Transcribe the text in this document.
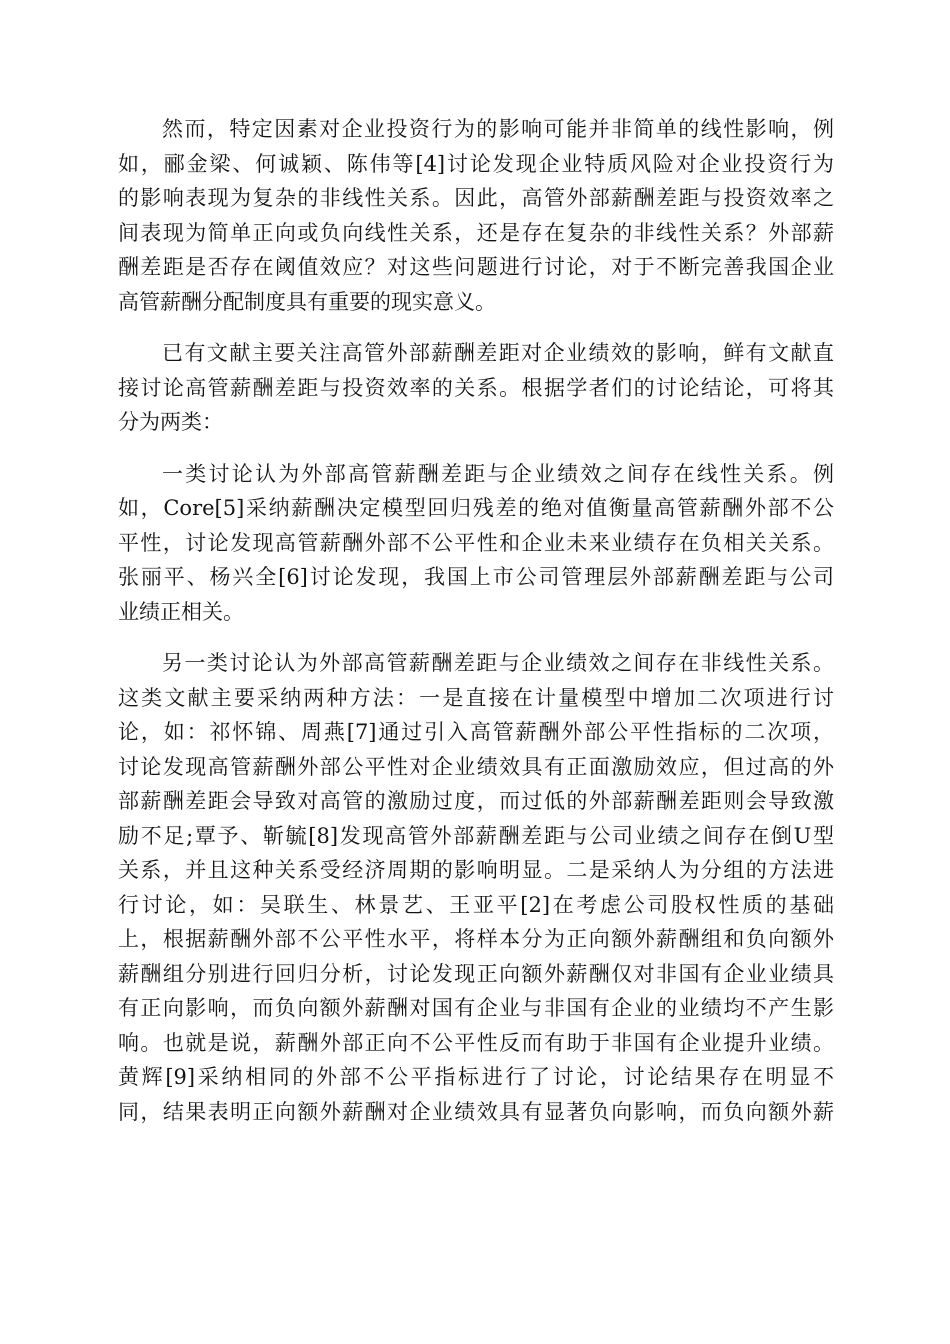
然而，特定因素对企业投资行为的影响可能并非简单的线性影响，例
如，郦金梁、何诚颖、陈伟等[4]讨论发现企业特质风险对企业投资行为
的影响表现为复杂的非线性关系。因此，高管外部薪酬差距与投资效率之
间表现为简单正向或负向线性关系，还是存在复杂的非线性关系？外部薪
酬差距是否存在阈值效应？对这些问题进行讨论，对于不断完善我国企业
高管薪酬分配制度具有重要的现实意义。
已有文献主要关注高管外部薪酬差距对企业绩效的影响，鲜有文献直
接讨论高管薪酬差距与投资效率的关系。根据学者们的讨论结论，可将其
分为两类：
一类讨论认为外部高管薪酬差距与企业绩效之间存在线性关系。例
如，Core[5]采纳薪酬决定模型回归残差的绝对值衡量高管薪酬外部不公
平性，讨论发现高管薪酬外部不公平性和企业未来业绩存在负相关关系。
张丽平、杨兴全[6]讨论发现，我国上市公司管理层外部薪酬差距与公司
业绩正相关。
另一类讨论认为外部高管薪酬差距与企业绩效之间存在非线性关系。
这类文献主要采纳两种方法：一是直接在计量模型中增加二次项进行讨
论，如：祁怀锦、周燕[7]通过引入高管薪酬外部公平性指标的二次项，
讨论发现高管薪酬外部公平性对企业绩效具有正面激励效应，但过高的外
部薪酬差距会导致对高管的激励过度，而过低的外部薪酬差距则会导致激
励不足;覃予、靳毓[8]发现高管外部薪酬差距与公司业绩之间存在倒U型
关系，并且这种关系受经济周期的影响明显。二是采纳人为分组的方法进
行讨论，如：吴联生、林景艺、王亚平[2]在考虑公司股权性质的基础
上，根据薪酬外部不公平性水平，将样本分为正向额外薪酬组和负向额外
薪酬组分别进行回归分析，讨论发现正向额外薪酬仅对非国有企业业绩具
有正向影响，而负向额外薪酬对国有企业与非国有企业的业绩均不产生影
响。也就是说，薪酬外部正向不公平性反而有助于非国有企业提升业绩。
黄辉[9]采纳相同的外部不公平指标进行了讨论，讨论结果存在明显不
同，结果表明正向额外薪酬对企业绩效具有显著负向影响，而负向额外薪
